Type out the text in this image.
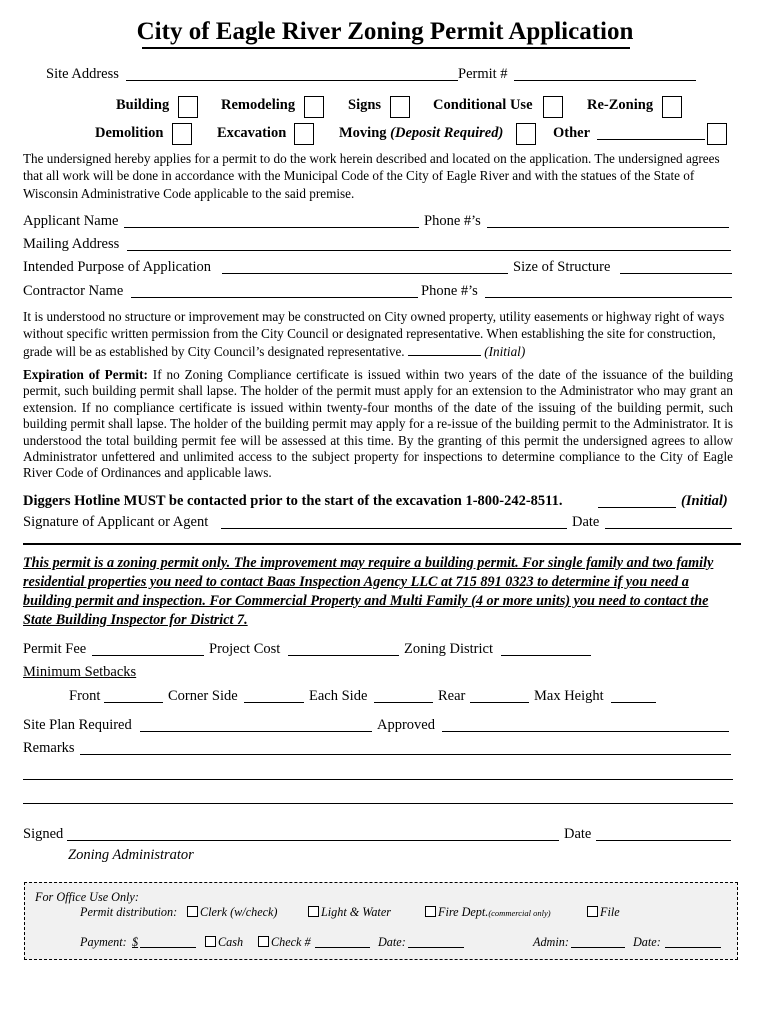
City of Eagle River Zoning Permit Application
Site Address	Permit #
Building	Remodeling	Signs	Conditional Use	Re-Zoning
Demolition	Excavation	Moving (Deposit Required)	Other
The undersigned hereby applies for a permit to do the work herein described and located on the application. The undersigned agrees that all work will be done in accordance with the Municipal Code of the City of Eagle River and with the statues of the State of Wisconsin Administrative Code applicable to the said premise.
Applicant Name	Phone #’s
Mailing Address
Intended Purpose of Application	Size of Structure
Contractor Name	Phone #’s
It is understood no structure or improvement may be constructed on City owned property, utility easements or highway right of ways without specific written permission from the City Council or designated representative. When establishing the site for construction, grade will be as established by City Council’s designated representative.	(Initial)
Expiration of Permit: If no Zoning Compliance certificate is issued within two years of the date of the issuance of the building permit, such building permit shall lapse. The holder of the permit must apply for an extension to the Administrator who may grant an extension. If no compliance certificate is issued within twenty-four months of the date of the issuing of the building permit, such building permit shall lapse. The holder of the building permit may apply for a re-issue of the building permit to the Administrator. It is understood the total building permit fee will be assessed at this time. By the granting of this permit the undersigned agrees to allow Administrator unfettered and unlimited access to the subject property for inspections to determine compliance to the City of Eagle River Code of Ordinances and applicable laws.
Diggers Hotline MUST be contacted prior to the start of the excavation 1-800-242-8511.	(Initial)
Signature of Applicant or Agent	Date
This permit is a zoning permit only. The improvement may require a building permit. For single family and two family residential properties you need to contact Baas Inspection Agency LLC at 715 891 0323 to determine if you need a building permit and inspection. For Commercial Property and Multi Family (4 or more units) you need to contact the State Building Inspector for District 7.
Permit Fee	Project Cost	Zoning District
Minimum Setbacks
Front	Corner Side	Each Side	Rear	Max Height
Site Plan Required	Approved
Remarks
Signed	Date
Zoning Administrator
For Office Use Only:
Permit distribution:	Clerk (w/check)	Light & Water	Fire Dept.(commercial only)	File
Payment: $	Cash	Check #	Date:	Admin:	Date:
